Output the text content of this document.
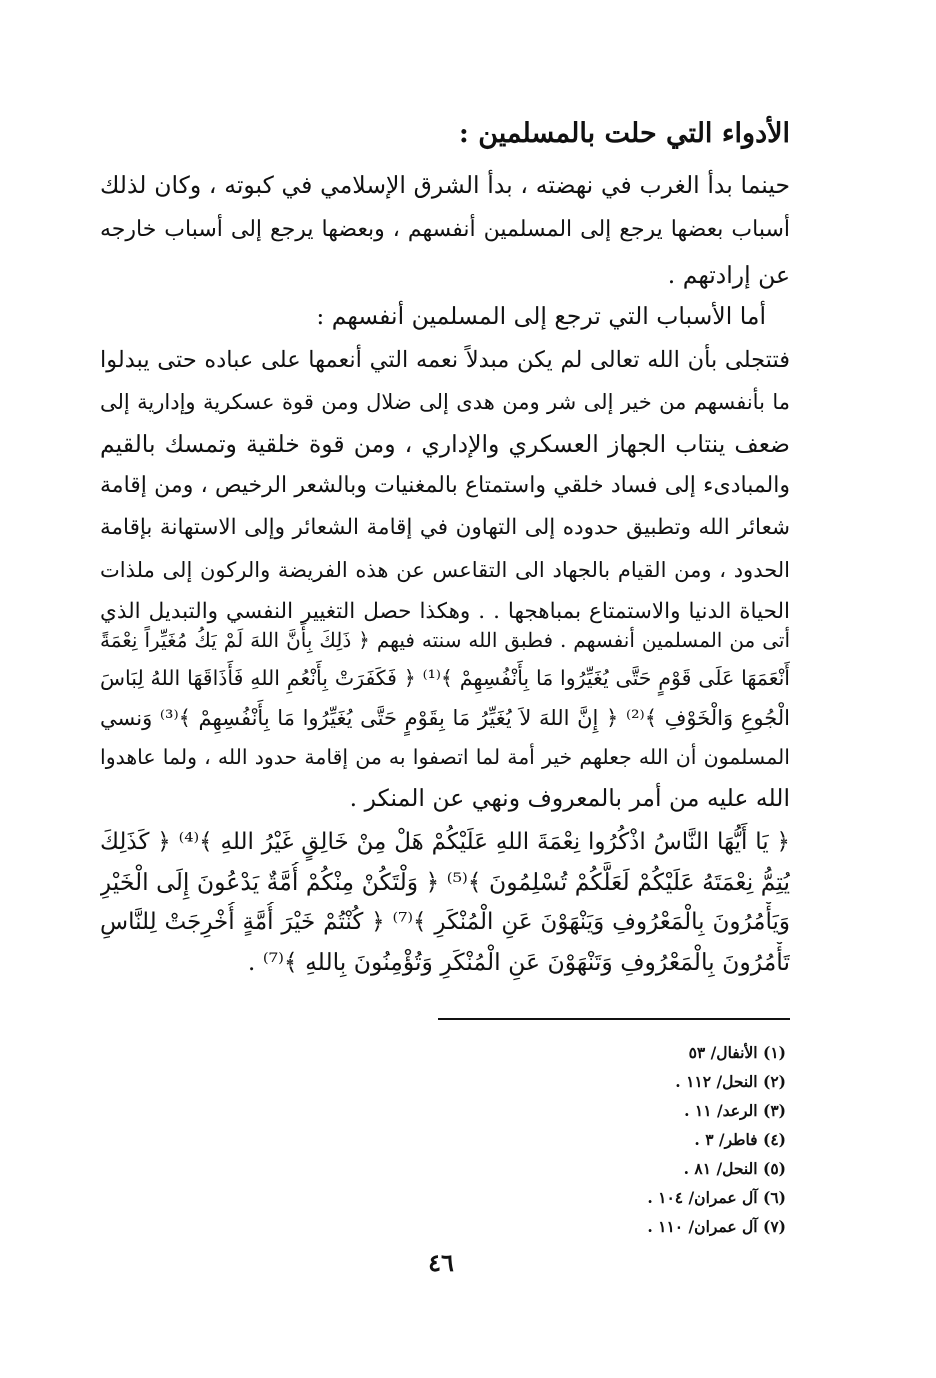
الأدواء التي حلت بالمسلمين :
حينما بدأ الغرب في نهضته ، بدأ الشرق الإسلامي في كبوته ، وكان لذلك
أسباب بعضها يرجع إلى المسلمين أنفسهم ، وبعضها يرجع إلى أسباب خارجه
عن إرادتهم .
أما الأسباب التي ترجع إلى المسلمين أنفسهم :
فتتجلى بأن الله تعالى لم يكن مبدلاً نعمه التي أنعمها على عباده حتى يبدلوا
ما بأنفسهم من خير إلى شر ومن هدى إلى ضلال ومن قوة عسكرية وإدارية إلى
ضعف ينتاب الجهاز العسكري والإداري ، ومن قوة خلقية وتمسك بالقيم
والمبادىء إلى فساد خلقي واستمتاع بالمغنيات وبالشعر الرخيص ، ومن إقامة
شعائر الله وتطبيق حدوده إلى التهاون في إقامة الشعائر وإلى الاستهانة بإقامة
الحدود ، ومن القيام بالجهاد الى التقاعس عن هذه الفريضة والركون إلى ملذات
الحياة الدنيا والاستمتاع بمباهجها . . وهكذا حصل التغيير النفسي والتبديل الذي
أتى من المسلمين أنفسهم . فطبق الله سنته فيهم ﴿ ذَلِكَ بِأَنَّ اللهَ لَمْ يَكُ مُغَيِّراً نِعْمَةً
أَنْعَمَهَا عَلَى قَوْمٍ حَتَّى يُغَيِّرُوا مَا بِأَنْفُسِهِمْ ﴾⁽¹⁾ ﴿ فَكَفَرَتْ بِأَنْعُمِ اللهِ فَأَذَاقَهَا اللهُ لِبَاسَ
الْجُوعِ وَالْخَوْفِ ﴾⁽²⁾ ﴿ إِنَّ اللهَ لاَ يُغَيِّرُ مَا بِقَوْمٍ حَتَّى يُغَيِّرُوا مَا بِأَنْفُسِهِمْ ﴾⁽³⁾ وَنسي
المسلمون أن الله جعلهم خير أمة لما اتصفوا به من إقامة حدود الله ، ولما عاهدوا
الله عليه من أمر بالمعروف ونهي عن المنكر .
﴿ يَا أَيُّهَا النَّاسُ اذْكُرُوا نِعْمَةَ اللهِ عَلَيْكُمْ هَلْ مِنْ خَالِقٍ غَيْرُ اللهِ ﴾⁽⁴⁾ ﴿ كَذَلِكَ
يُتِمُّ نِعْمَتَهُ عَلَيْكُمْ لَعَلَّكُمْ تُسْلِمُونَ ﴾⁽⁵⁾ ﴿ وَلْتَكُنْ مِنْكُمْ أُمَّةٌ يَدْعُونَ إِلَى الْخَيْرِ
وَيَأْمُرُونَ بِالْمَعْرُوفِ وَيَنْهَوْنَ عَنِ الْمُنْكَرِ ﴾⁽⁷⁾ ﴿ كُنْتُمْ خَيْرَ أُمَّةٍ أُخْرِجَتْ لِلنَّاسِ
تَأْمُرُونَ بِالْمَعْرُوفِ وَتَنْهَوْنَ عَنِ الْمُنْكَرِ وَتُؤْمِنُونَ بِاللهِ ﴾⁽⁷⁾ .
(١) الأنفال/ ٥٣
(٢) النحل/ ١١٢ .
(٣) الرعد/ ١١ .
(٤) فاطر/ ٣ .
(٥) النحل/ ٨١ .
(٦) آل عمران/ ١٠٤ .
(٧) آل عمران/ ١١٠ .
٤٦
